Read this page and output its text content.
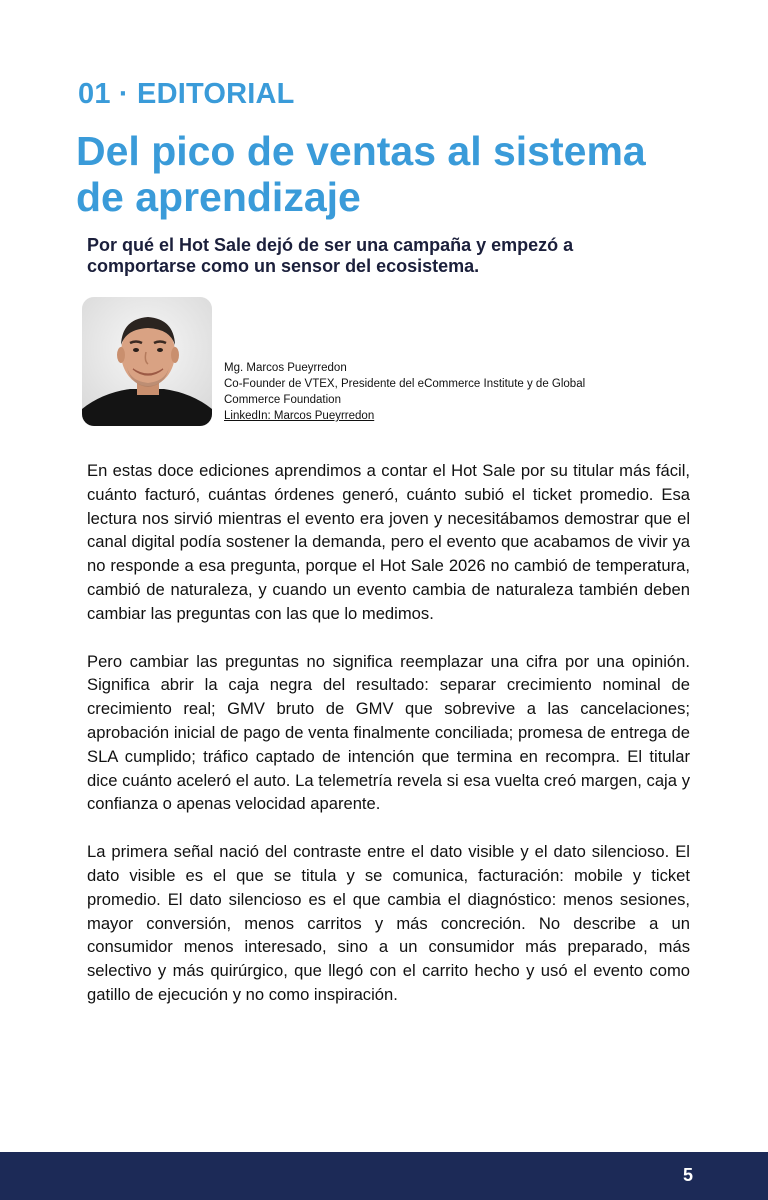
01 · EDITORIAL
Del pico de ventas al sistema de aprendizaje

Por qué el Hot Sale dejó de ser una campaña y empezó a comportarse como un sensor del ecosistema.

Mg. Marcos Pueyrredon
Co-Founder de VTEX, Presidente del eCommerce Institute y de Global Commerce Foundation
LinkedIn: Marcos Pueyrredon

En estas doce ediciones aprendimos a contar el Hot Sale por su titular más fácil, cuánto facturó, cuántas órdenes generó, cuánto subió el ticket promedio. Esa lectura nos sirvió mientras el evento era joven y necesitábamos demostrar que el canal digital podía sostener la demanda, pero el evento que acabamos de vivir ya no responde a esa pregunta, porque el Hot Sale 2026 no cambió de temperatura, cambió de naturaleza, y cuando un evento cambia de naturaleza también deben cambiar las preguntas con las que lo medimos.

Pero cambiar las preguntas no significa reemplazar una cifra por una opinión. Significa abrir la caja negra del resultado: separar crecimiento nominal de crecimiento real; GMV bruto de GMV que sobrevive a las cancelaciones; aprobación inicial de pago de venta finalmente conciliada; promesa de entrega de SLA cumplido; tráfico captado de intención que termina en recompra. El titular dice cuánto aceleró el auto. La telemetría revela si esa vuelta creó margen, caja y confianza o apenas velocidad aparente.

La primera señal nació del contraste entre el dato visible y el dato silencioso. El dato visible es el que se titula y se comunica, facturación: mobile y ticket promedio. El dato silencioso es el que cambia el diagnóstico: menos sesiones, mayor conversión, menos carritos y más concreción. No describe a un consumidor menos interesado, sino a un consumidor más preparado, más selectivo y más quirúrgico, que llegó con el carrito hecho y usó el evento como gatillo de ejecución y no como inspiración.

5
